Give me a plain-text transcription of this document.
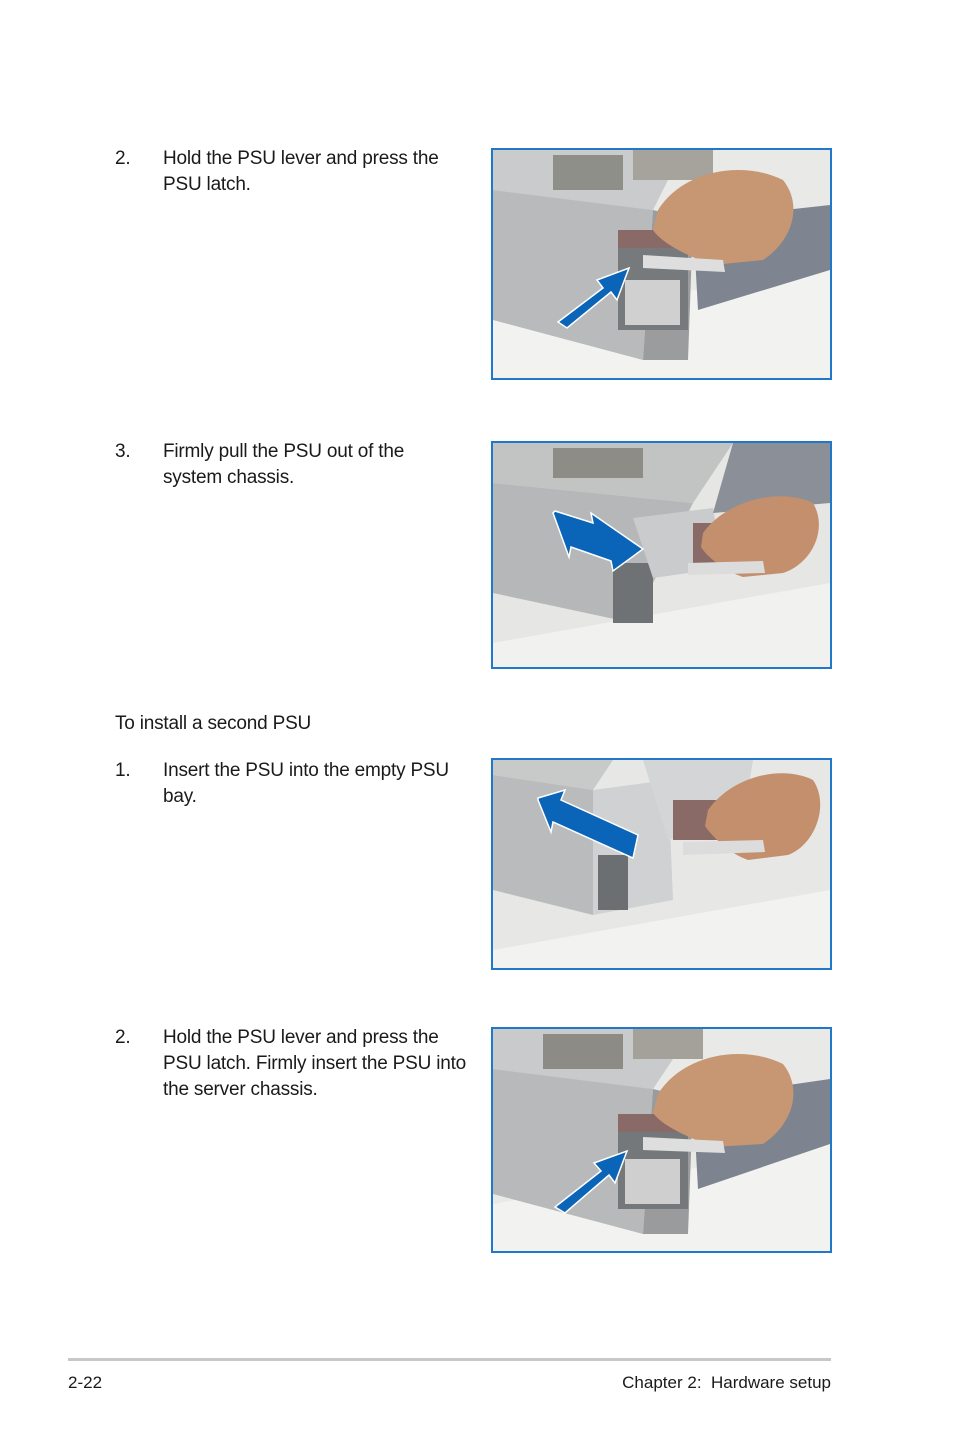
2.	Hold the PSU lever and press the PSU latch.
3.	Firmly pull the PSU out of the system chassis.
To install a second PSU
1.	Insert the PSU into the empty PSU bay.
2.	Hold the PSU lever and press the PSU latch. Firmly insert the PSU into the server chassis.
2-22	Chapter 2:  Hardware setup
